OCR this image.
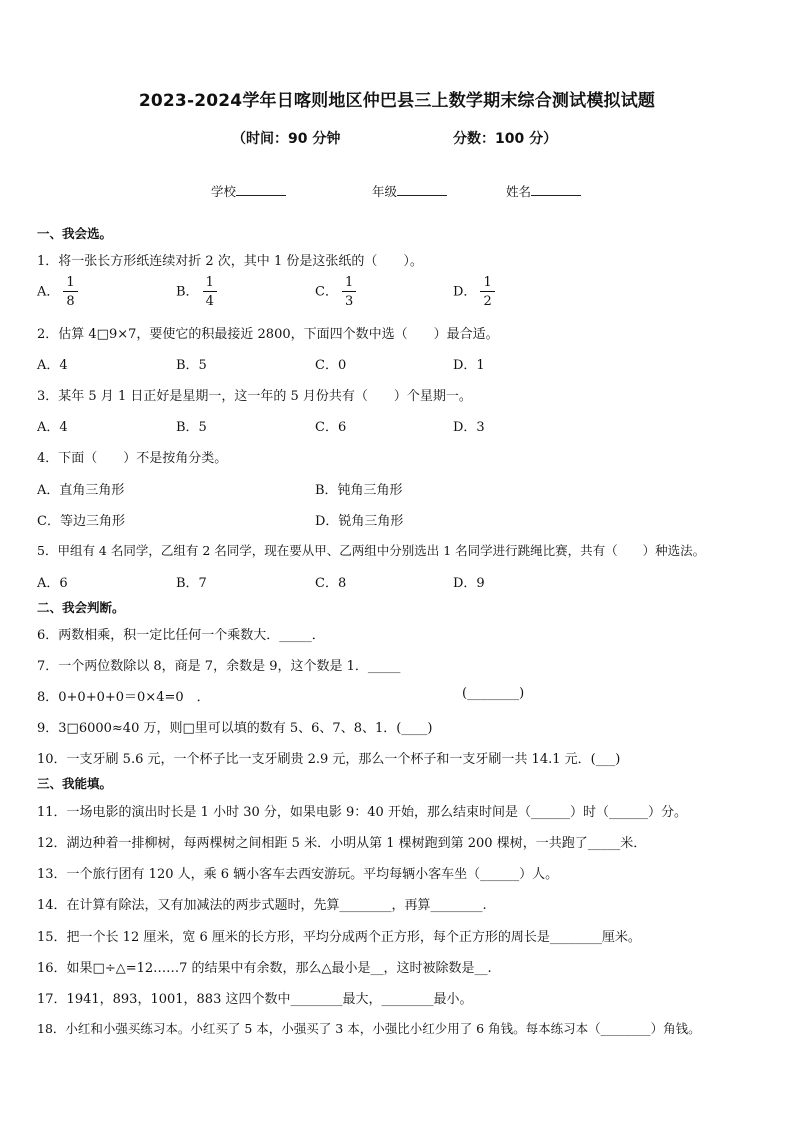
2023-2024学年日喀则地区仲巴县三上数学期末综合测试模拟试题
（时间：90 分钟	分数：100 分）
学校	年级	姓名
一、我会选。
1．将一张长方形纸连续对折 2 次，其中 1 份是这张纸的（　　）。
A． $\frac{1}{8}$	B． $\frac{1}{4}$	C． $\frac{1}{3}$	D． $\frac{1}{2}$
2．估算 4□9×7，要使它的积最接近 2800，下面四个数中选（　　）最合适。
A．4	B．5	C．0	D．1
3．某年 5 月 1 日正好是星期一，这一年的 5 月份共有（　　）个星期一。
A．4	B．5	C．6	D．3
4．下面（　　）不是按角分类。
A．直角三角形	B．钝角三角形
C．等边三角形	D．锐角三角形
5．甲组有 4 名同学，乙组有 2 名同学，现在要从甲、乙两组中分别选出 1 名同学进行跳绳比赛，共有（　　）种选法。
A．6	B．7	C．8	D．9
二、我会判断。
6．两数相乘，积一定比任何一个乘数大．_____．
7．一个两位数除以 8，商是 7，余数是 9，这个数是 1．_____
8．0+0+0+0＝0×4=0　．	(________)
9．3□6000≈40 万，则□里可以填的数有 5、6、7、8、1．(____)
10．一支牙刷 5.6 元，一个杯子比一支牙刷贵 2.9 元，那么一个杯子和一支牙刷一共 14.1 元．(___)
三、我能填。
11．一场电影的演出时长是 1 小时 30 分，如果电影 9：40 开始，那么结束时间是（______）时（______）分。
12．湖边种着一排柳树，每两棵树之间相距 5 米．小明从第 1 棵树跑到第 200 棵树，一共跑了_____米．
13．一个旅行团有 120 人，乘 6 辆小客车去西安游玩。平均每辆小客车坐（______）人。
14．在计算有除法，又有加减法的两步式题时，先算________，再算________.
15．把一个长 12 厘米，宽 6 厘米的长方形，平均分成两个正方形，每个正方形的周长是________厘米。
16．如果□÷△=12……7 的结果中有余数，那么△最小是__，这时被除数是__.
17．1941，893，1001，883 这四个数中________最大，________最小。
18．小红和小强买练习本。小红买了 5 本，小强买了 3 本，小强比小红少用了 6 角钱。每本练习本（________）角钱。
